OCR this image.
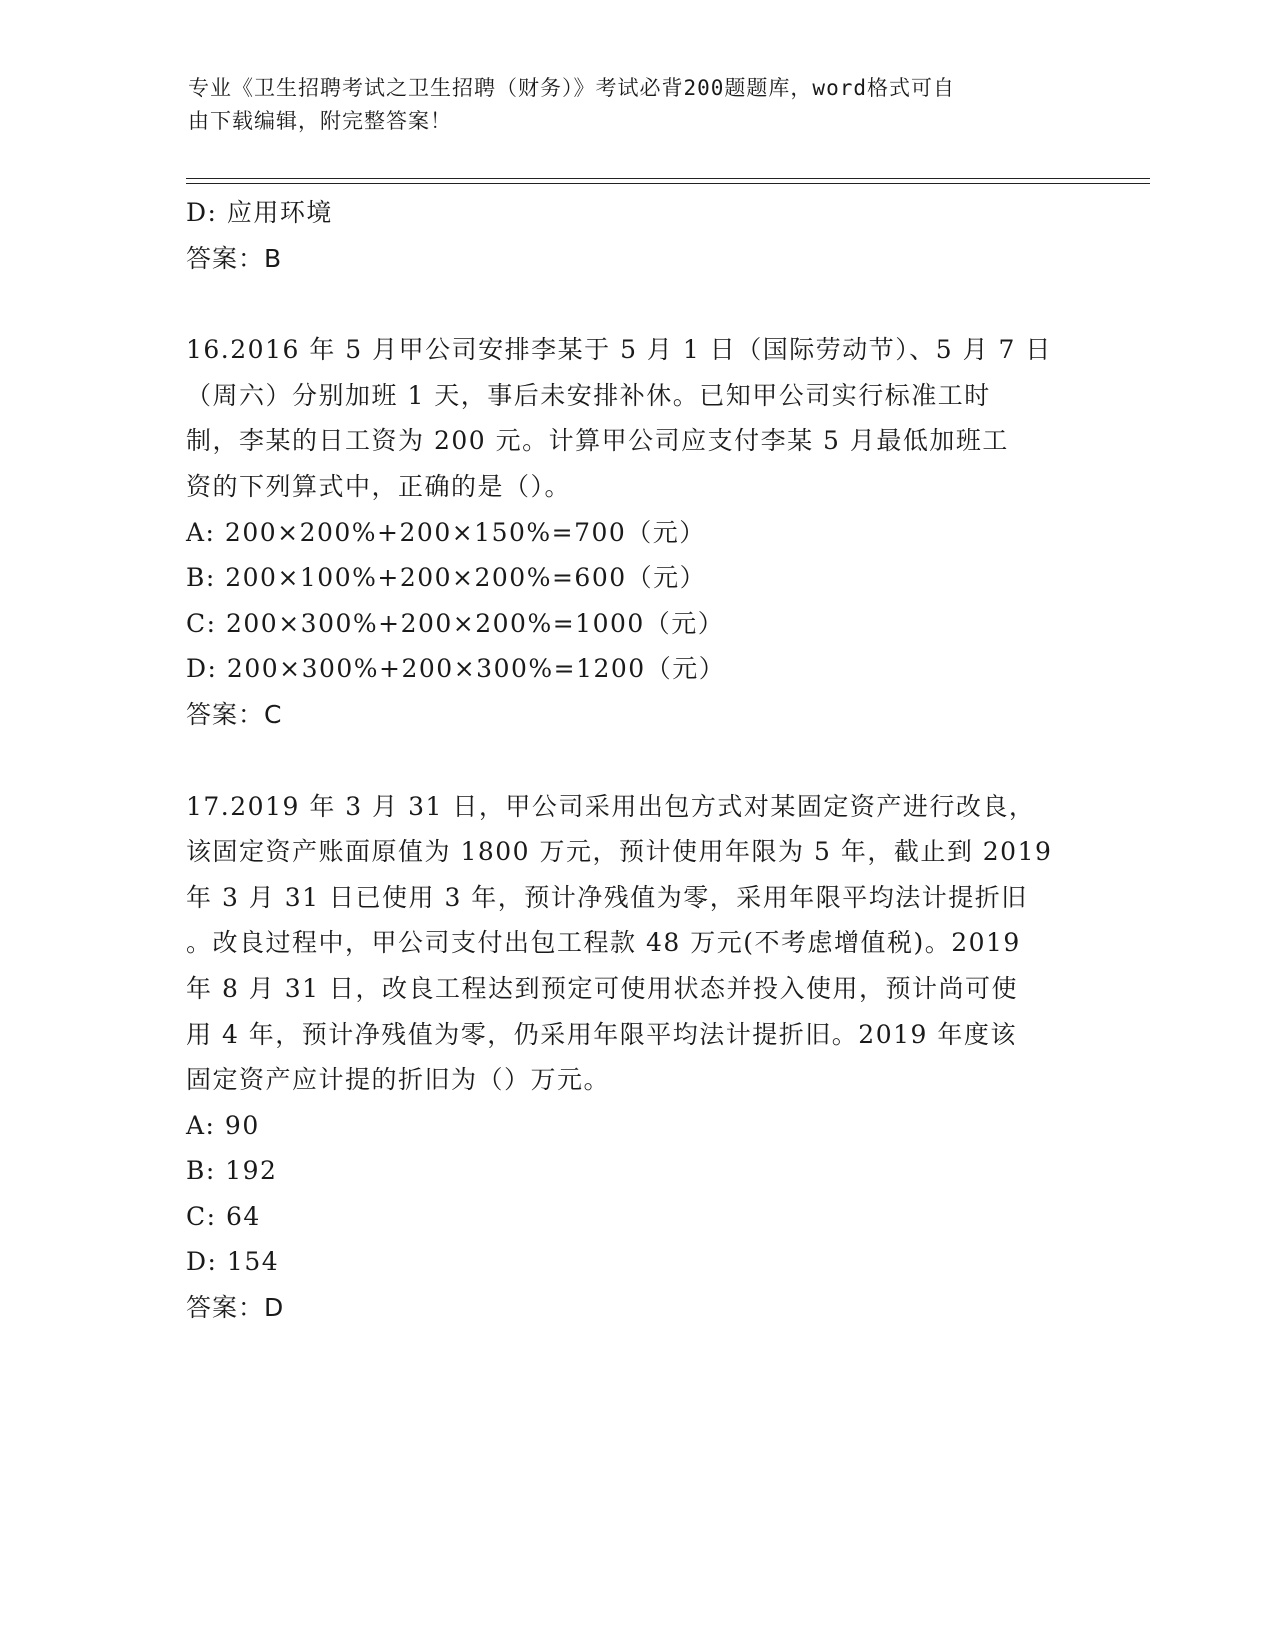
专业《卫生招聘考试之卫生招聘（财务）》考试必背200题题库，word格式可自
由下载编辑，附完整答案！
D: 应用环境
答案：B
16.2016 年 5 月甲公司安排李某于 5 月 1 日（国际劳动节）、5 月 7 日
（周六）分别加班 1 天，事后未安排补休。已知甲公司实行标准工时
制，李某的日工资为 200 元。计算甲公司应支付李某 5 月最低加班工
资的下列算式中，正确的是（）。
A: 200×200%+200×150%=700（元）
B: 200×100%+200×200%=600（元）
C: 200×300%+200×200%=1000（元）
D: 200×300%+200×300%=1200（元）
答案：C
17.2019 年 3 月 31 日，甲公司采用出包方式对某固定资产进行改良，
该固定资产账面原值为 1800 万元，预计使用年限为 5 年，截止到 2019
年 3 月 31 日已使用 3 年，预计净残值为零，采用年限平均法计提折旧
。改良过程中，甲公司支付出包工程款 48 万元(不考虑增值税)。2019
年 8 月 31 日，改良工程达到预定可使用状态并投入使用，预计尚可使
用 4 年，预计净残值为零，仍采用年限平均法计提折旧。2019 年度该
固定资产应计提的折旧为（）万元。
A: 90
B: 192
C: 64
D: 154
答案：D
